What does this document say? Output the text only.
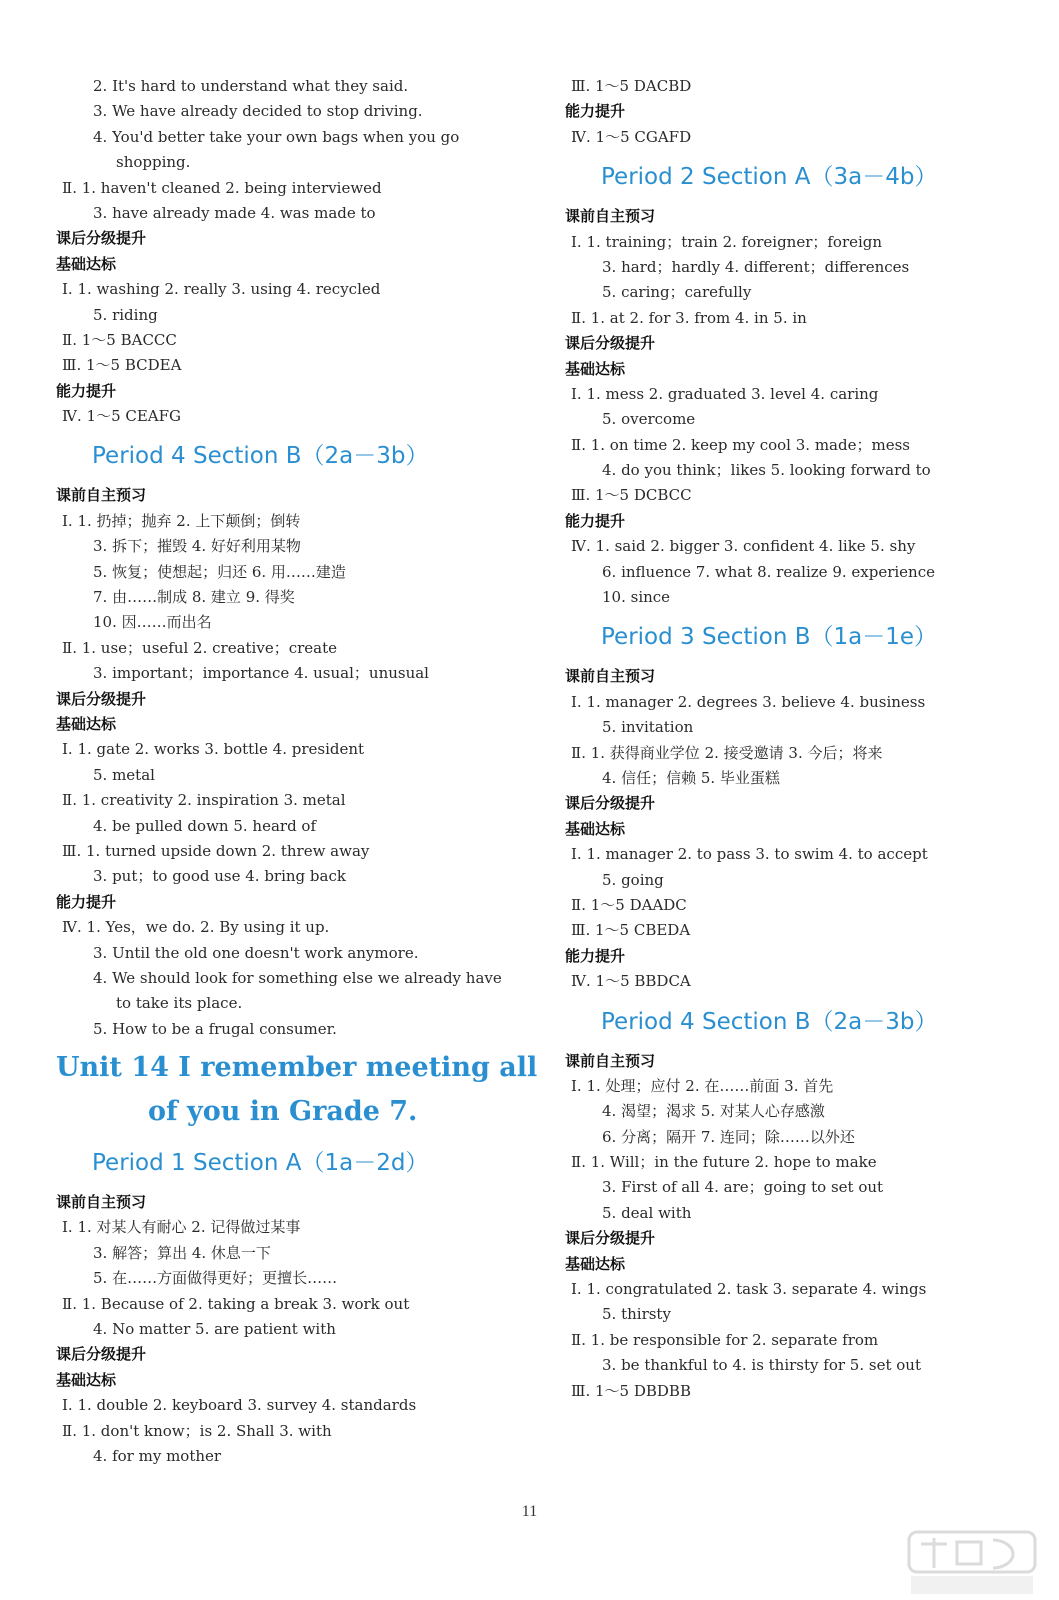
2. It's hard to understand what they said.
3. We have already decided to stop driving.
4. You'd better take your own bags when you go
shopping.
Ⅱ. 1. haven't cleaned 2. being interviewed
3. have already made 4. was made to
课后分级提升
基础达标
Ⅰ. 1. washing 2. really 3. using 4. recycled
5. riding
Ⅱ. 1～5 BACCC
Ⅲ. 1～5 BCDEA
能力提升
Ⅳ. 1～5 CEAFG
Period 4 Section B（2a－3b）
课前自主预习
Ⅰ. 1. 扔掉；抛弃 2. 上下颠倒；倒转
3. 拆下；摧毁 4. 好好利用某物
5. 恢复；使想起；归还 6. 用……建造
7. 由……制成 8. 建立 9. 得奖
10. 因……而出名
Ⅱ. 1. use；useful 2. creative；create
3. important；importance 4. usual；unusual
课后分级提升
基础达标
Ⅰ. 1. gate 2. works 3. bottle 4. president
5. metal
Ⅱ. 1. creativity 2. inspiration 3. metal
4. be pulled down 5. heard of
Ⅲ. 1. turned upside down 2. threw away
3. put；to good use 4. bring back
能力提升
Ⅳ. 1. Yes，we do. 2. By using it up.
3. Until the old one doesn't work anymore.
4. We should look for something else we already have
to take its place.
5. How to be a frugal consumer.
Unit 14 I remember meeting all
of you in Grade 7.
Period 1 Section A（1a－2d）
课前自主预习
Ⅰ. 1. 对某人有耐心 2. 记得做过某事
3. 解答；算出 4. 休息一下
5. 在……方面做得更好；更擅长……
Ⅱ. 1. Because of 2. taking a break 3. work out
4. No matter 5. are patient with
课后分级提升
基础达标
Ⅰ. 1. double 2. keyboard 3. survey 4. standards
Ⅱ. 1. don't know；is 2. Shall 3. with
4. for my mother
Ⅲ. 1～5 DACBD
能力提升
Ⅳ. 1～5 CGAFD
Period 2 Section A（3a－4b）
课前自主预习
Ⅰ. 1. training；train 2. foreigner；foreign
3. hard；hardly 4. different；differences
5. caring；carefully
Ⅱ. 1. at 2. for 3. from 4. in 5. in
课后分级提升
基础达标
Ⅰ. 1. mess 2. graduated 3. level 4. caring
5. overcome
Ⅱ. 1. on time 2. keep my cool 3. made；mess
4. do you think；likes 5. looking forward to
Ⅲ. 1～5 DCBCC
能力提升
Ⅳ. 1. said 2. bigger 3. confident 4. like 5. shy
6. influence 7. what 8. realize 9. experience
10. since
Period 3 Section B（1a－1e）
课前自主预习
Ⅰ. 1. manager 2. degrees 3. believe 4. business
5. invitation
Ⅱ. 1. 获得商业学位 2. 接受邀请 3. 今后；将来
4. 信任；信赖 5. 毕业蛋糕
课后分级提升
基础达标
Ⅰ. 1. manager 2. to pass 3. to swim 4. to accept
5. going
Ⅱ. 1～5 DAADC
Ⅲ. 1～5 CBEDA
能力提升
Ⅳ. 1～5 BBDCA
Period 4 Section B（2a－3b）
课前自主预习
Ⅰ. 1. 处理；应付 2. 在……前面 3. 首先
4. 渴望；渴求 5. 对某人心存感激
6. 分离；隔开 7. 连同；除……以外还
Ⅱ. 1. Will；in the future 2. hope to make
3. First of all 4. are；going to set out
5. deal with
课后分级提升
基础达标
Ⅰ. 1. congratulated 2. task 3. separate 4. wings
5. thirsty
Ⅱ. 1. be responsible for 2. separate from
3. be thankful to 4. is thirsty for 5. set out
Ⅲ. 1～5 DBDBB
11
